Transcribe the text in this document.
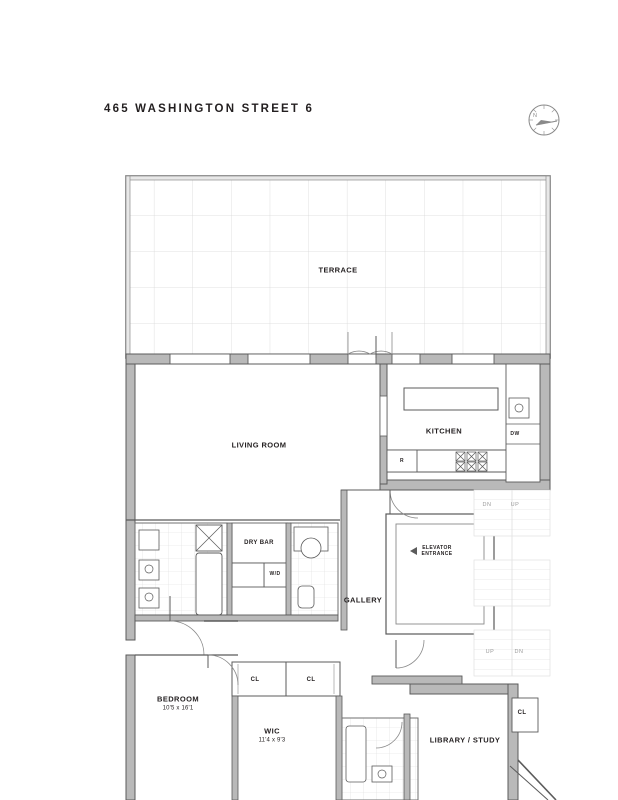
465 WASHINGTON STREET 6
N
TERRACE
LIVING ROOM
KITCHEN
DRY BAR
GALLERY
ELEVATOR
ENTRANCE
BEDROOM
10'5 x 16'1
WIC
11'4 x 9'3	LIBRARY / STUDY
DW
R
W/D
CL	CL
CL
DN	UP
UP	DN
